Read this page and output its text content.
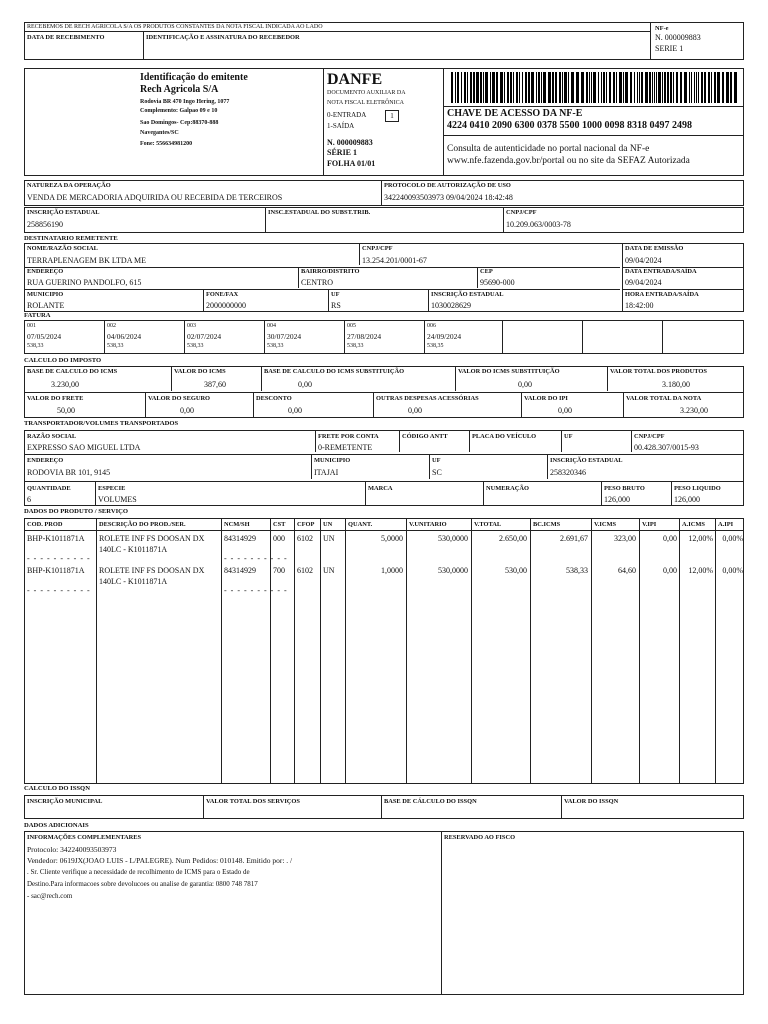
RECEBEMOS DE RECH AGRICOLA S/A OS PRODUTOS CONSTANTES DA NOTA FISCAL INDICADA AO LADO
DATA DE RECEBIMENTO	IDENTIFICAÇÃO E ASSINATURA DO RECEBEDOR
NF-e
N. 000009883
SERIE 1
Identificação do emitente
Rech Agricola S/A
Rodovia BR 470 Ingo Hering, 1077
Complemento: Galpao 09 e 10
Sao Domingos- Cep:88370-888
Navegantes/SC
Fone: 556634981200
DANFE
DOCUMENTO AUXILIAR DA
NOTA FISCAL ELETRÔNICA
0-ENTRADA
1-SAÍDA
1
N. 000009883
SÉRIE 1
FOLHA 01/01
CHAVE DE ACESSO DA NF-E
4224 0410 2090 6300 0378 5500 1000 0098 8318 0497 2498
Consulta de autenticidade no portal nacional da NF-e
www.nfe.fazenda.gov.br/portal ou no site da SEFAZ Autorizada
NATUREZA DA OPERAÇÃO
VENDA DE MERCADORIA ADQUIRIDA OU RECEBIDA DE TERCEIROS
PROTOCOLO DE AUTORIZAÇÃO DE USO
342240093503973 09/04/2024 18:42:48
INSCRIÇÃO ESTADUAL
258856190
INSC.ESTADUAL DO SUBST.TRIB.	CNPJ/CPF
10.209.063/0003-78
DESTINATARIO REMETENTE
NOME/RAZÃO SOCIAL
TERRAPLENAGEM BK LTDA ME
CNPJ/CPF
13.254.201/0001-67
DATA DE EMISSÃO
09/04/2024
ENDEREÇO
RUA GUERINO PANDOLFO, 615
BAIRRO/DISTRITO
CENTRO
CEP
95690-000
DATA ENTRADA/SAÍDA
09/04/2024
MUNICIPIO
ROLANTE
FONE/FAX
2000000000
UF
RS
INSCRIÇÃO ESTADUAL
1030028629
HORA ENTRADA/SAÍDA
18:42:00
FATURA
001
07/05/2024
538,33
002
04/06/2024
538,33
003
02/07/2024
538,33
004
30/07/2024
538,33
005
27/08/2024
538,33
006
24/09/2024
538,35
CALCULO DO IMPOSTO
BASE DE CALCULO DO ICMS
3.230,00
VALOR DO ICMS
387,60
BASE DE CALCULO DO ICMS SUBSTITUIÇÃO
0,00
VALOR DO ICMS SUBSTITUIÇÃO
0,00
VALOR TOTAL DOS PRODUTOS
3.180,00
VALOR DO FRETE
50,00
VALOR DO SEGURO
0,00
DESCONTO
0,00
OUTRAS DESPESAS ACESSÓRIAS
0,00
VALOR DO IPI
0,00
VALOR TOTAL DA NOTA
3.230,00
TRANSPORTADOR/VOLUMES TRANSPORTADOS
RAZÃO SOCIAL
EXPRESSO SAO MIGUEL LTDA
FRETE POR CONTA
0-REMETENTE
CÓDIGO ANTT	PLACA DO VEÍCULO	UF	CNPJ/CPF
00.428.307/0015-93
ENDEREÇO
RODOVIA BR 101, 9145
MUNICIPIO
ITAJAI
UF
SC
INSCRIÇÃO ESTADUAL
258320346
QUANTIDADE
6
ESPECIE
VOLUMES
MARCA	NUMERAÇÃO	PESO BRUTO
126,000
PESO LIQUIDO
126,000
DADOS DO PRODUTO / SERVIÇO
COD. PROD	DESCRIÇÃO DO PROD./SER.	NCM/SH	CST CFOP UN QUANT.	V.UNITARIO	V.TOTAL	BC.ICMS	V.ICMS	V.IPI	A.ICMS A.IPI
BHP-K1011871A ROLETE INF FS DOOSAN DX
140LC - K1011871A
84314929 000 6102 UN	5,0000	530,0000	2.650,00	2.691,67	323,00	0,00	12,00%	0,00%
- - - - - - - - - -	- - - - - - - - - -
BHP-K1011871A ROLETE INF FS DOOSAN DX
140LC - K1011871A
84314929 700 6102 UN	1,0000	530,0000	530,00	538,33	64,60	0,00	12,00%	0,00%
- - - - - - - - - -	- - - - - - - - - -
CALCULO DO ISSQN
INSCRIÇÃO MUNICIPAL	VALOR TOTAL DOS SERVIÇOS	BASE DE CÁLCULO DO ISSQN	VALOR DO ISSQN
DADOS ADICIONAIS
INFORMAÇÕES COMPLEMENTARES
Protocolo: 342240093503973
Vendedor: 0619JX(JOAO LUIS - L/PALEGRE). Num Pedidos: 010148. Emitido por: . /
. Sr. Cliente verifique a necessidade de recolhimento de ICMS para o Estado de
Destino.Para informacoes sobre devolucoes ou analise de garantia: 0800 748 7817
- sac@rech.com
RESERVADO AO FISCO
